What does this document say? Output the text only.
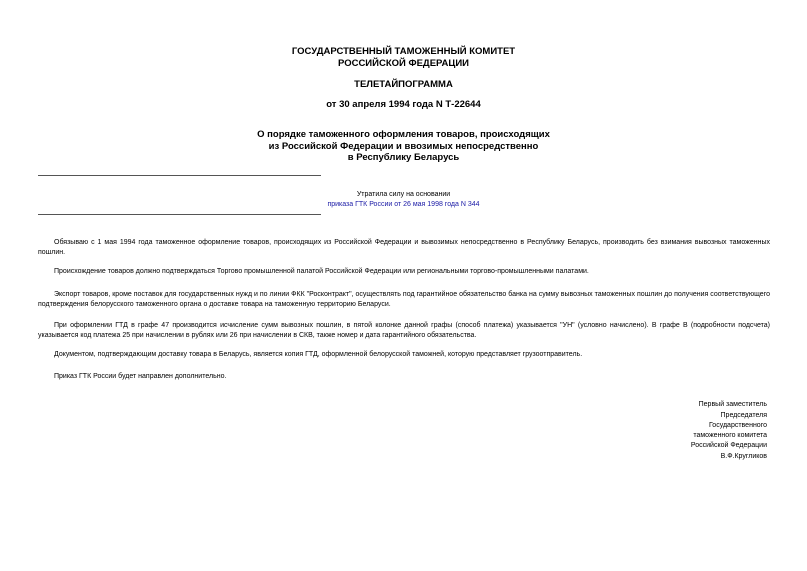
ГОСУДАРСТВЕННЫЙ ТАМОЖЕННЫЙ КОМИТЕТ
РОССИЙСКОЙ ФЕДЕРАЦИИ
ТЕЛЕТАЙПОГРАММА
от 30 апреля 1994 года N Т-22644
О порядке таможенного оформления товаров, происходящих
из Российской Федерации и ввозимых непосредственно
в Республику Беларусь
Утратила силу на основании
приказа ГТК России от 26 мая 1998 года N 344
Обязываю с 1 мая 1994 года таможенное оформление товаров, происходящих из Российской Федерации и вывозимых непосредственно в Республику Беларусь, производить без взимания вывозных таможенных пошлин.
Происхождение товаров должно подтверждаться Торгово промышленной палатой Российской Федерации или региональными торгово-промышленными палатами.
Экспорт товаров, кроме поставок для государственных нужд и по линии ФКК "Росконтракт", осуществлять под гарантийное обязательство банка на сумму вывозных таможенных пошлин до получения соответствующего подтверждения белорусского таможенного органа о доставке товара на таможенную территорию Беларуси.
При оформлении ГТД в графе 47 производится исчисление сумм вывозных пошлин, в пятой колонке данной графы (способ платежа) указывается "УН" (условно начислено). В графе В (подробности подсчета) указывается код платежа 25 при начислении в рублях или 26 при начислении в СКВ, также номер и дата гарантийного обязательства.
Документом, подтверждающим доставку товара в Беларусь, является копия ГТД, оформленной белорусской таможней, которую представляет грузоотправитель.
Приказ ГТК России будет направлен дополнительно.
Первый заместитель
Председателя
Государственного
таможенного комитета
Российской Федерации
В.Ф.Кругликов
